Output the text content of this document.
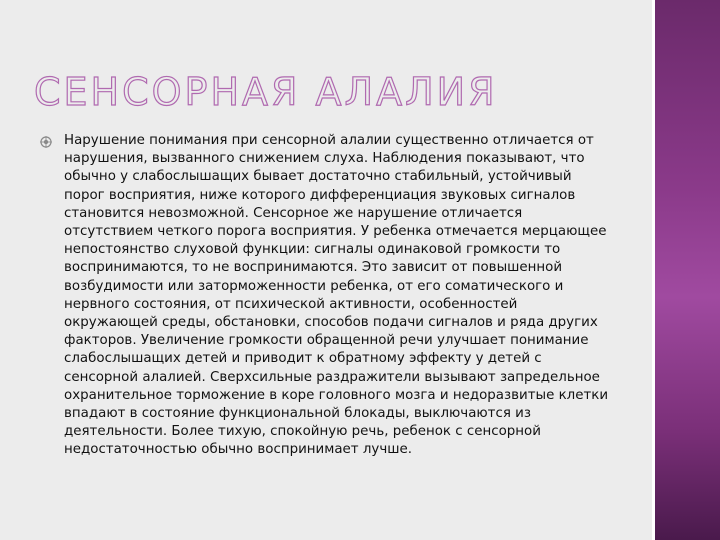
СЕНСОРНАЯ АЛАЛИЯ
Нарушение понимания при сенсорной алалии существенно отличается от нарушения, вызванного снижением слуха. Наблюдения показывают, что обычно у слабослышащих бывает достаточно стабильный, устойчивый порог восприятия, ниже которого дифференциация звуковых сигналов становится невозможной. Сенсорное же нарушение отличается отсутствием четкого порога восприятия. У ребенка отмечается мерцающее непостоянство слуховой функции: сигналы одинаковой громкости то воспринимаются, то не воспринимаются. Это зависит от повышенной возбудимости или заторможенности ребенка, от его соматического и нервного состояния, от психической активности, особенностей окружающей среды, обстановки, способов подачи сигналов и ряда других факторов. Увеличение громкости обращенной речи улучшает понимание слабослышащих детей и приводит к обратному эффекту у детей с сенсорной алалией. Сверхсильные раздражители вызывают запредельное охранительное торможение в коре головного мозга и недоразвитые клетки впадают в состояние функциональной блокады, выключаются из деятельности. Более тихую, спокойную речь, ребенок с сенсорной недостаточностью обычно воспринимает лучше.
